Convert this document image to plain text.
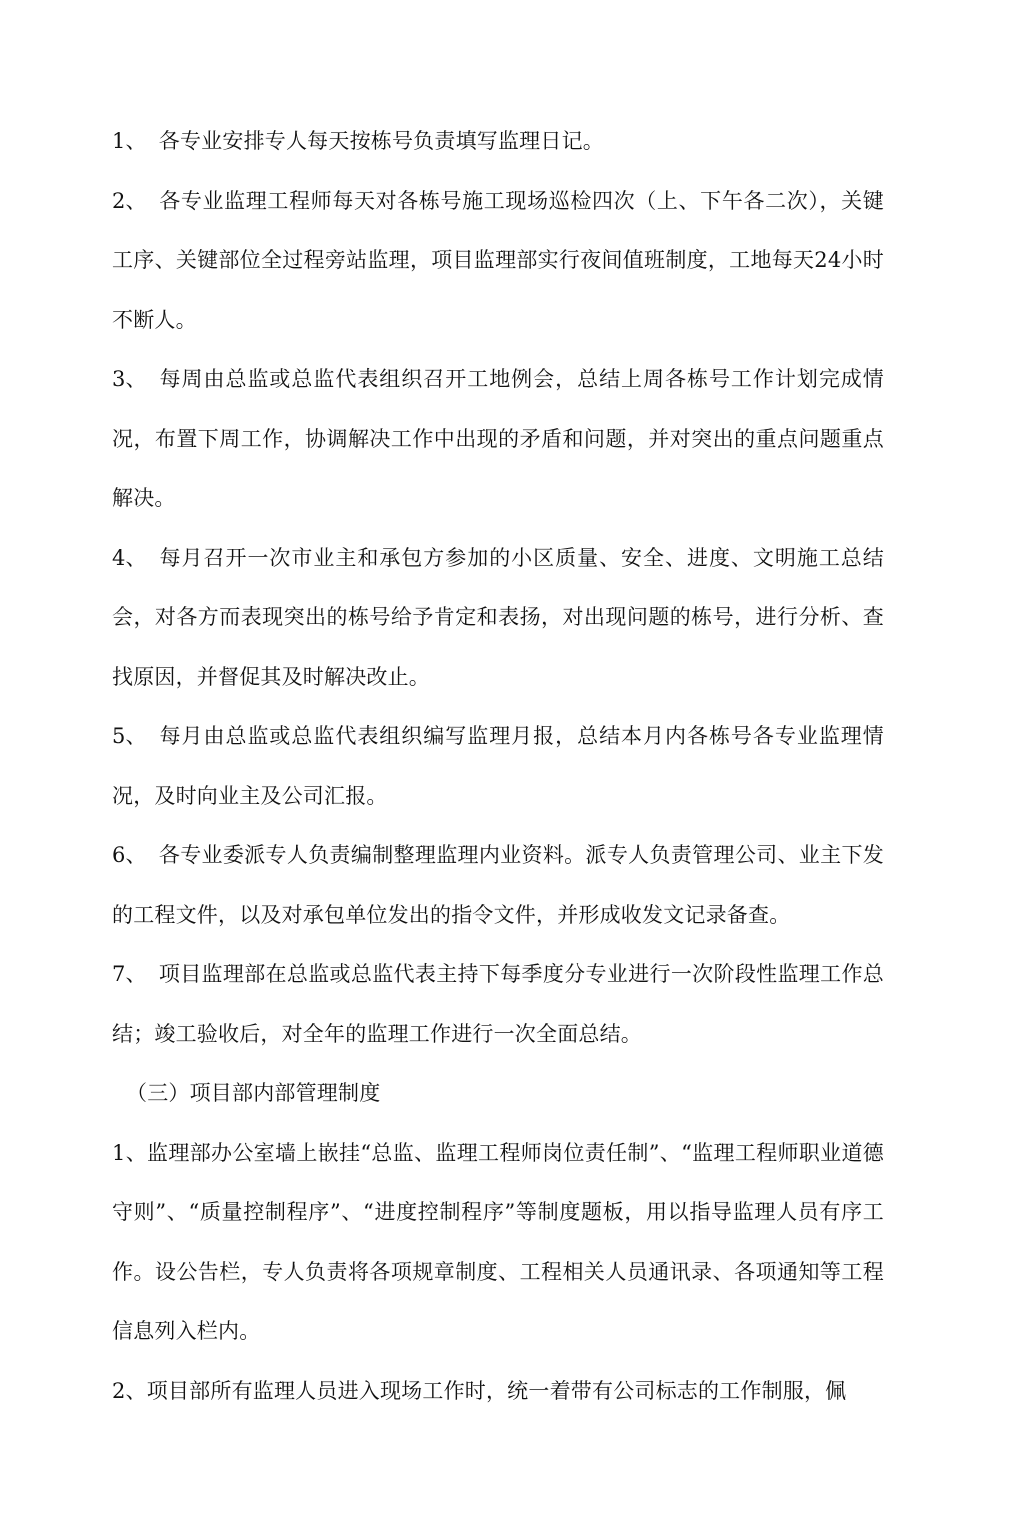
1、 各专业安排专人每天按栋号负责填写监理日记。

2、 各专业监理工程师每天对各栋号施工现场巡检四次（上、下午各二次），关键工序、关键部位全过程旁站监理，项目监理部实行夜间值班制度，工地每天24小时不断人。

3、 每周由总监或总监代表组织召开工地例会，总结上周各栋号工作计划完成情况，布置下周工作，协调解决工作中出现的矛盾和问题，并对突出的重点问题重点解决。

4、 每月召开一次市业主和承包方参加的小区质量、安全、进度、文明施工总结会，对各方而表现突出的栋号给予肯定和表扬，对出现问题的栋号，进行分析、查找原因，并督促其及时解决改止。

5、 每月由总监或总监代表组织编写监理月报，总结本月内各栋号各专业监理情况，及时向业主及公司汇报。

6、 各专业委派专人负责编制整理监理内业资料。派专人负责管理公司、业主下发的工程文件，以及对承包单位发出的指令文件，并形成收发文记录备查。

7、 项目监理部在总监或总监代表主持下每季度分专业进行一次阶段性监理工作总结；竣工验收后，对全年的监理工作进行一次全面总结。

（三）项目部内部管理制度

1、监理部办公室墙上嵌挂“总监、监理工程师岗位责任制”、“监理工程师职业道德守则”、“质量控制程序”、“进度控制程序”等制度题板，用以指导监理人员有序工作。设公告栏，专人负责将各项规章制度、工程相关人员通讯录、各项通知等工程信息列入栏内。

2、项目部所有监理人员进入现场工作时，统一着带有公司标志的工作制服，佩
